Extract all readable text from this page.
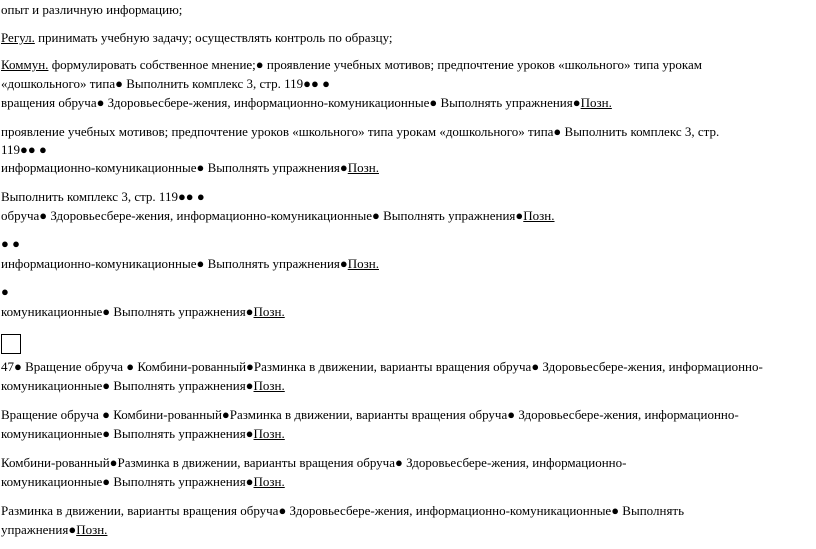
опыт и различную информацию;
Регул. принимать учебную задачу; осуществлять контроль по образцу;
Коммун. формулировать собственное мнение;● проявление учебных мотивов; предпочтение уроков «школьного» типа урокам
«дошкольного» типа● Выполнить комплекс 3, стр. 119●● ●
вращения обруча● Здоровьесбере-жения, информационно-комуникационные● Выполнять упражнения●Позн.
проявление учебных мотивов; предпочтение уроков «школьного» типа урокам «дошкольного» типа● Выполнить комплекс 3, стр.
119●● ●
информационно-комуникационные● Выполнять упражнения●Позн.
Выполнить комплекс 3, стр. 119●● ●
обруча● Здоровьесбере-жения, информационно-комуникационные● Выполнять упражнения●Позн.
● ●
информационно-комуникационные● Выполнять упражнения●Позн.
●
комуникационные● Выполнять упражнения●Позн.
47● Вращение обруча ● Комбини-рованный●Разминка в движении, варианты вращения обруча● Здоровьесбере-жения, информационно-
комуникационные● Выполнять упражнения●Позн.
Вращение обруча ● Комбини-рованный●Разминка в движении, варианты вращения обруча● Здоровьесбере-жения, информационно-
комуникационные● Выполнять упражнения●Позн.
Комбини-рованный●Разминка в движении, варианты вращения обруча● Здоровьесбере-жения, информационно-
комуникационные● Выполнять упражнения●Позн.
Разминка в движении, варианты вращения обруча● Здоровьесбере-жения, информационно-комуникационные● Выполнять
упражнения●Позн.
